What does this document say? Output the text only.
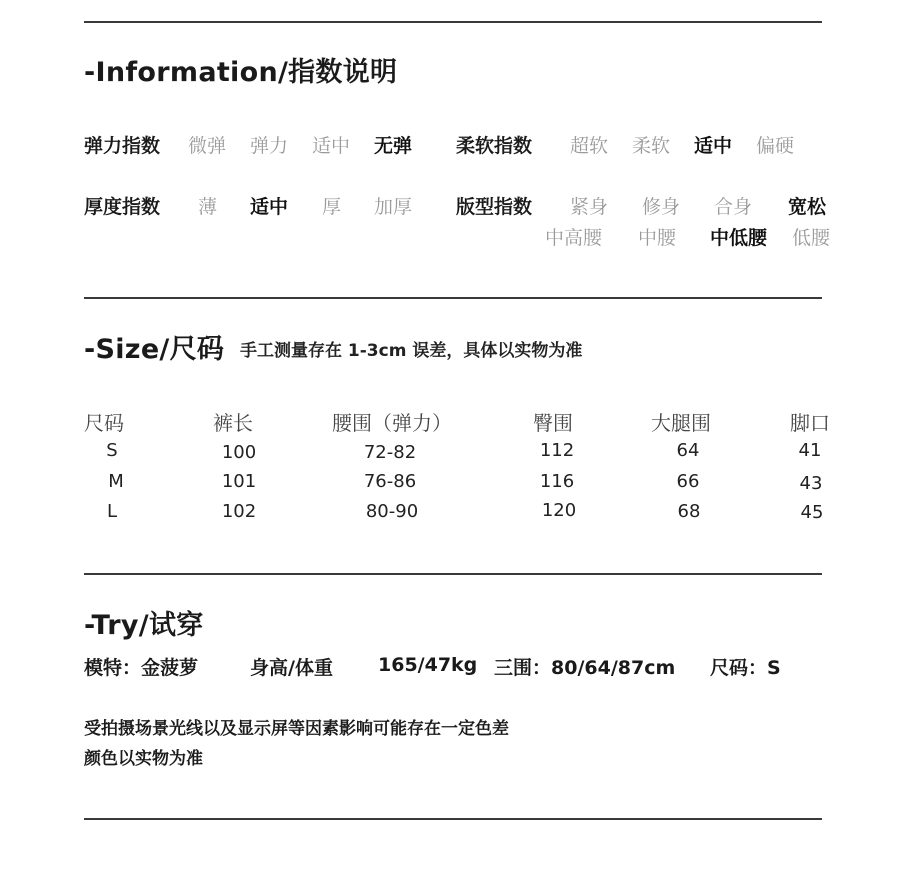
-Information/指数说明
弹力指数 微弹 弹力 适中 无弹 柔软指数 超软 柔软 适中 偏硬
厚度指数 薄 适中 厚 加厚 版型指数 紧身 修身 合身 宽松
中高腰 中腰 中低腰 低腰
-Size/尺码 手工测量存在 1-3cm 误差，具体以实物为准
尺码	裤长	腰围（弹力）	臀围	大腿围	脚口
S	100	72-82	112	64	41
M	101	76-86	116	66	43
L	102	80-90	120	68	45
-Try/试穿
模特：金菠萝	身高/体重 165/47kg 三围：80/64/87cm 尺码：S
受拍摄场景光线以及显示屏等因素影响可能存在一定色差
颜色以实物为准
